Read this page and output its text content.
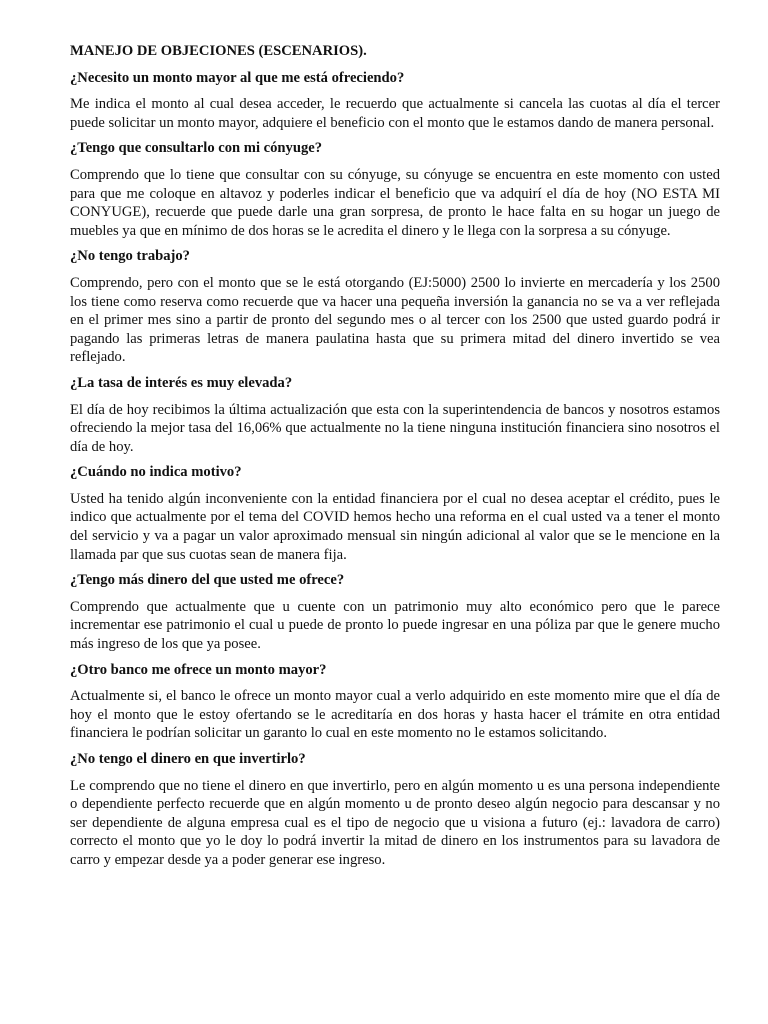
MANEJO DE OBJECIONES (ESCENARIOS).
¿Necesito un monto mayor al que me está ofreciendo?
Me indica el monto al cual desea acceder, le recuerdo que actualmente si cancela las cuotas al día el tercer puede solicitar un monto mayor, adquiere el beneficio con el monto que le estamos dando de manera personal.
¿Tengo que consultarlo con mi cónyuge?
Comprendo que lo tiene que consultar con su cónyuge, su cónyuge se encuentra en este momento con usted para que me coloque en altavoz y poderles indicar el beneficio que va adquirí el día de hoy (NO ESTA MI CONYUGE), recuerde que puede darle una gran sorpresa, de pronto le hace falta en su hogar un juego de muebles ya que en mínimo de dos horas se le acredita el dinero y le llega con la sorpresa a su cónyuge.
¿No tengo trabajo?
Comprendo, pero con el monto que se le está otorgando (EJ:5000) 2500 lo invierte en mercadería y los 2500 los tiene como reserva como recuerde que va hacer una pequeña inversión la ganancia no se va a ver reflejada en el primer mes sino a partir de pronto del segundo mes o al tercer con los 2500 que usted guardo podrá ir pagando las primeras letras de manera paulatina hasta que su primera mitad del dinero invertido se vea reflejado.
¿La tasa de interés es muy elevada?
El día de hoy recibimos la última actualización que esta con la superintendencia de bancos y nosotros estamos ofreciendo la mejor tasa del 16,06% que actualmente no la tiene ninguna institución financiera sino nosotros el día de hoy.
¿Cuándo no indica motivo?
Usted ha tenido algún inconveniente con la entidad financiera por el cual no desea aceptar el crédito, pues le indico que actualmente por el tema del COVID hemos hecho una reforma en el cual usted va a tener el monto del servicio y va a pagar un valor aproximado mensual sin ningún adicional al valor que se le mencione en la llamada par que sus cuotas sean de manera fija.
¿Tengo más dinero del que usted me ofrece?
Comprendo que actualmente que u cuente con un patrimonio muy alto económico pero que le parece incrementar ese patrimonio el cual u puede de pronto lo puede ingresar en una póliza par que le genere mucho más ingreso de los que ya posee.
¿Otro banco me ofrece un monto mayor?
Actualmente si, el banco le ofrece un monto mayor cual a verlo adquirido en este momento mire que el día de hoy el monto que le estoy ofertando se le acreditaría en dos horas y hasta hacer el trámite en otra entidad financiera le podrían solicitar un garanto lo cual en este momento no le estamos solicitando.
¿No tengo el dinero en que invertirlo?
Le comprendo que no tiene el dinero en que invertirlo, pero en algún momento u es una persona independiente o dependiente perfecto recuerde que en algún momento u de pronto deseo algún negocio para descansar y no ser dependiente de alguna empresa cual es el tipo de negocio que u visiona a futuro (ej.: lavadora de carro) correcto el monto que yo le doy lo podrá invertir la mitad de dinero en los instrumentos para su lavadora de carro y empezar desde ya a poder generar ese ingreso.
